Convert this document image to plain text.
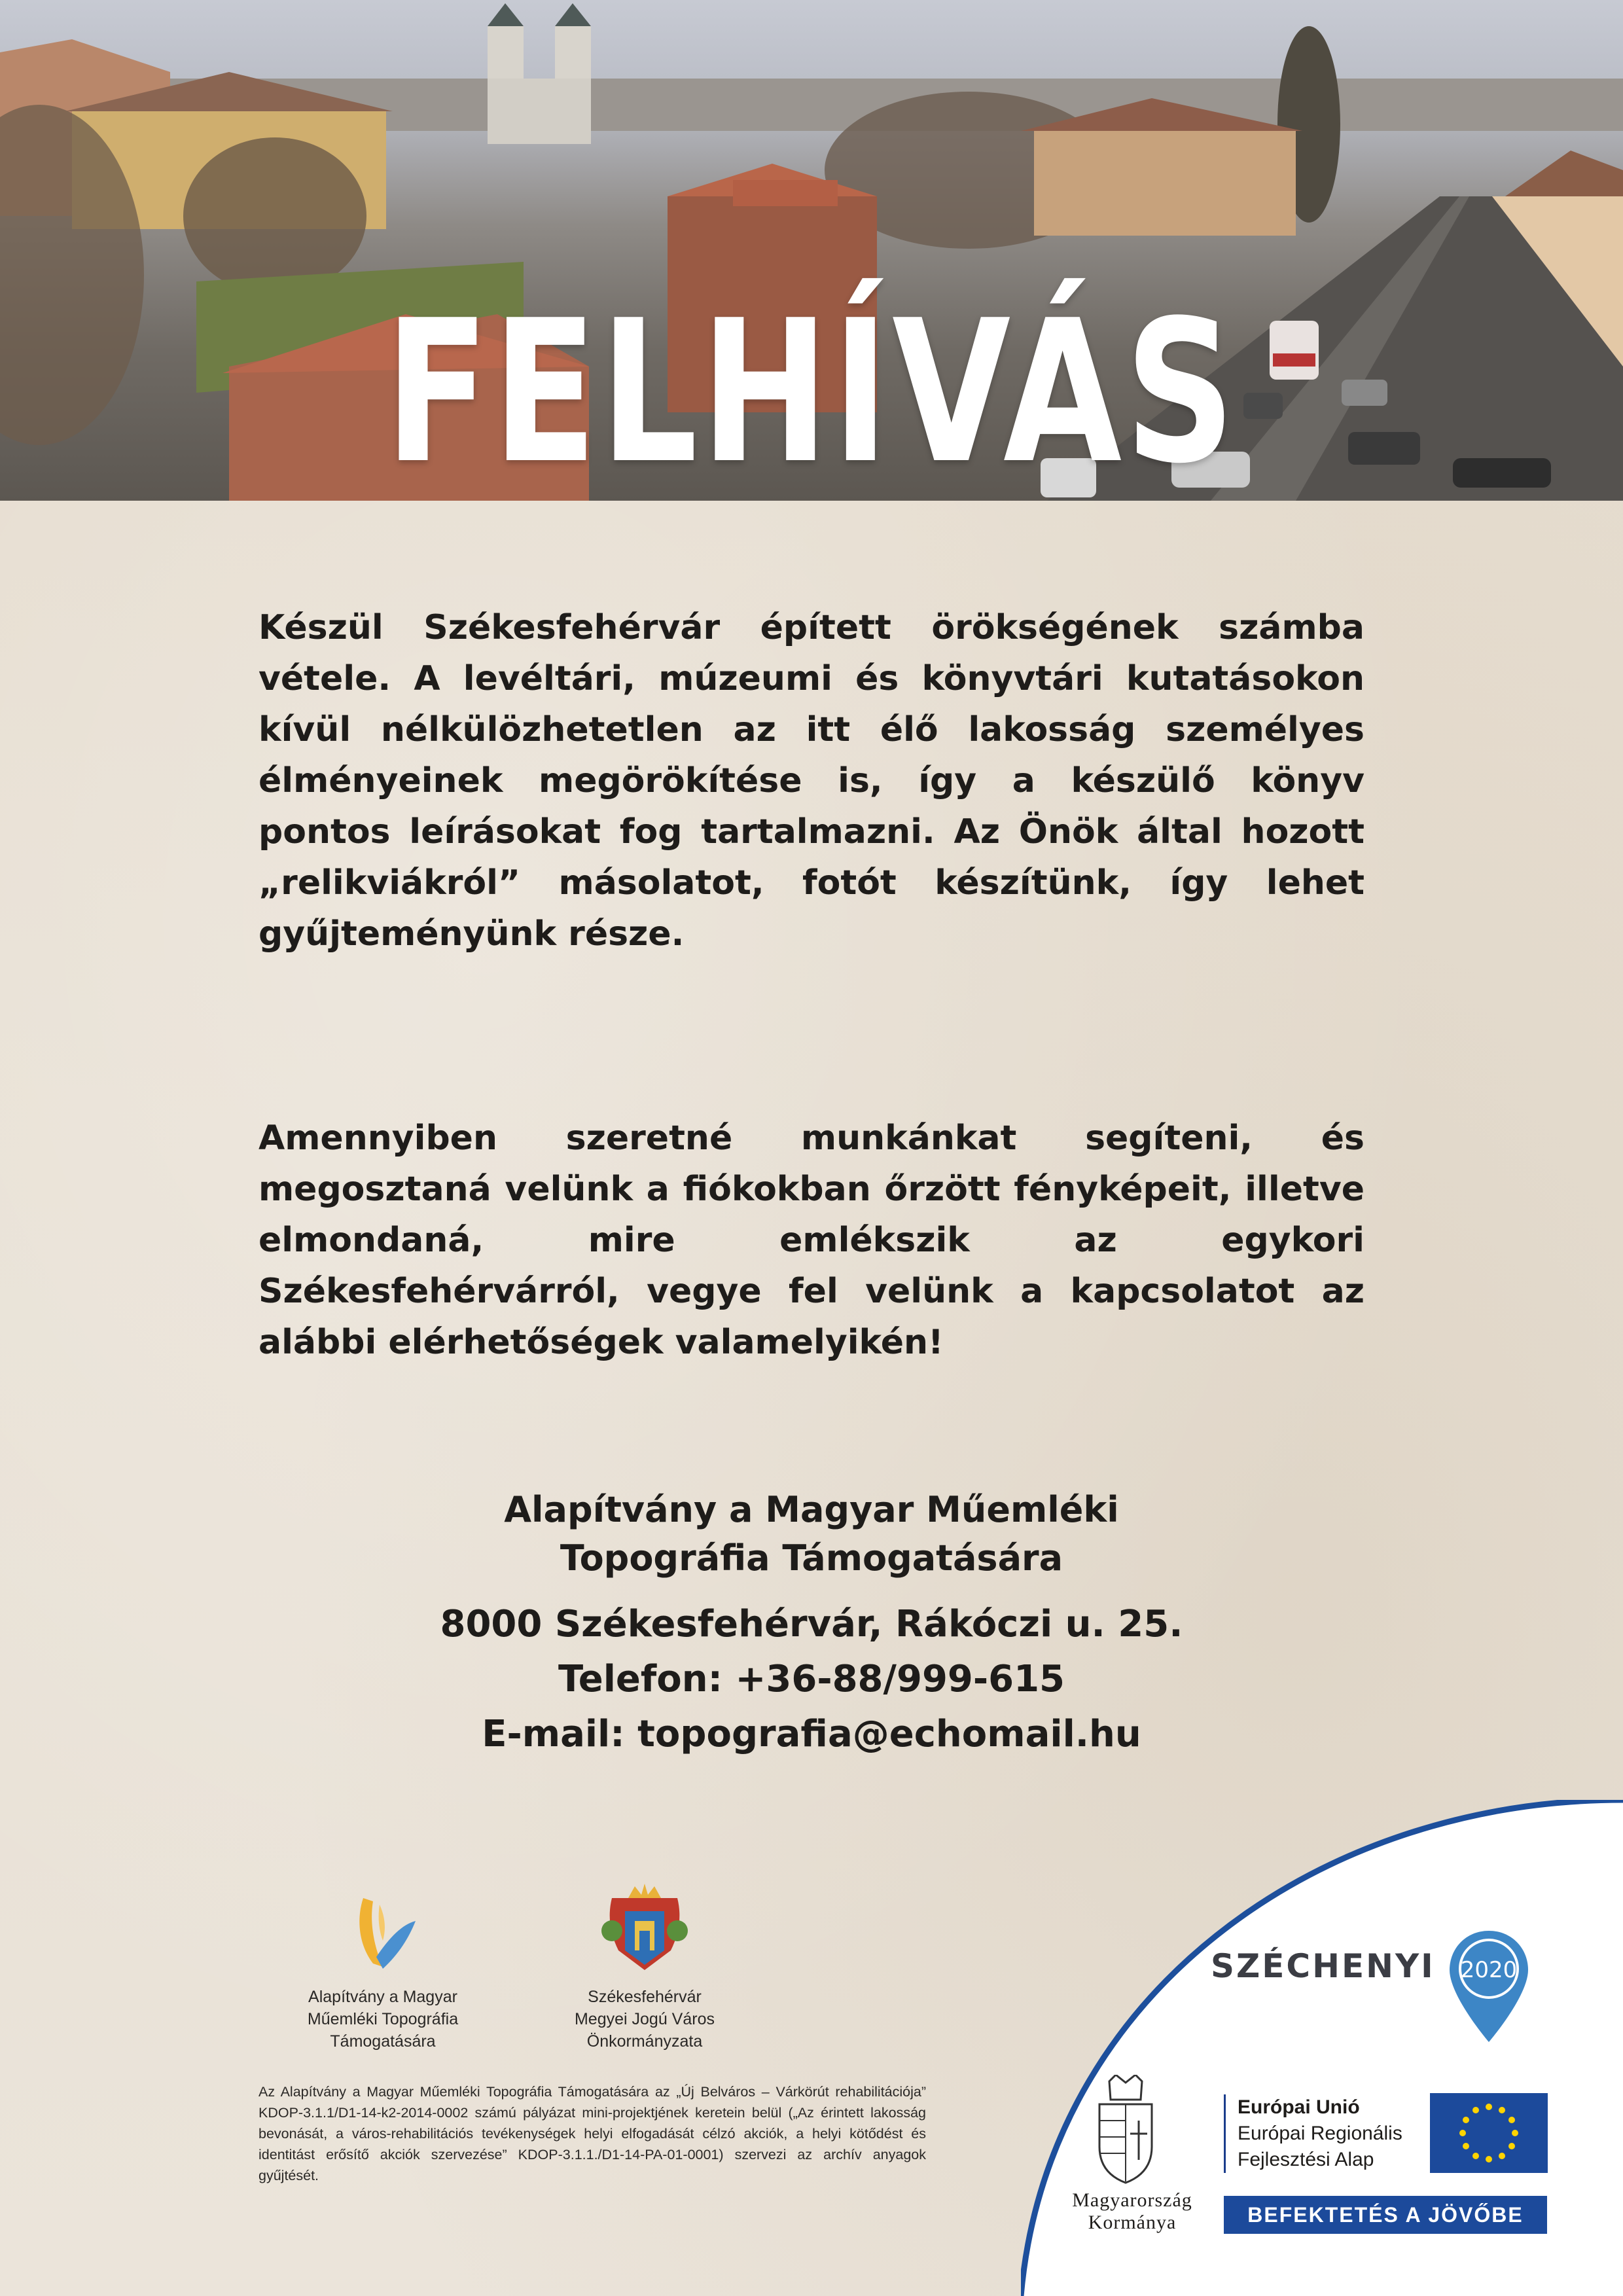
FELHÍVÁS
Készül Székesfehérvár épített örökségének számba vétele. A levéltári, múzeumi és könyvtári kutatásokon kívül nélkülözhetetlen az itt élő lakosság személyes élményeinek megörökítése is, így a készülő könyv pontos leírásokat fog tartalmazni. Az Önök által hozott „relikviákról” másolatot, fotót készítünk, így lehet gyűjteményünk része.
Amennyiben szeretné munkánkat segíteni, és megosztaná velünk a fiókokban őrzött fényképeit, illetve elmondaná, mire emlékszik az egykori Székesfehérvárról, vegye fel velünk a kapcsolatot az alábbi elérhetőségek valamelyikén!
Alapítvány a Magyar Műemléki
Topográfia Támogatására
8000 Székesfehérvár, Rákóczi u. 25.
Telefon: +36-88/999-615
E-mail: topografia@echomail.hu
Alapítvány a Magyar
Műemléki Topográfia
Támogatására
Székesfehérvár
Megyei Jogú Város
Önkormányzata
Az Alapítvány a Magyar Műemléki Topográfia Támogatására az „Új Belváros – Várkörút rehabilitációja” KDOP-3.1.1/D1-14-k2-2014-0002 számú pályázat mini-projektjének keretein belül („Az érintett lakosság bevonását, a város-rehabilitációs tevékenységek helyi elfogadását célzó akciók, a helyi kötődést és identitást erősítő akciók szervezése” KDOP-3.1.1./D1-14-PA-01-0001) szervezi az archív anyagok gyűjtését.
SZÉCHENYI 2020
Magyarország
Kormánya
Európai Unió
Európai Regionális
Fejlesztési Alap
BEFEKTETÉS A JÖVŐBE
